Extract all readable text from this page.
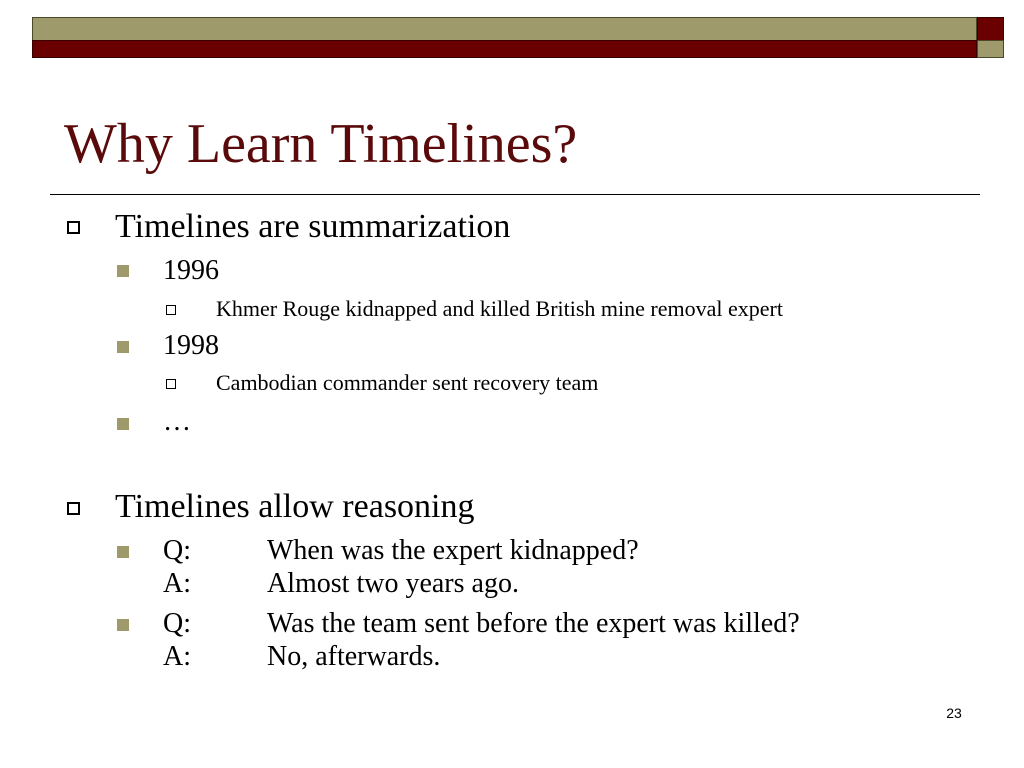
Why Learn Timelines?
Timelines are summarization
1996
Khmer Rouge kidnapped and killed British mine removal expert
1998
Cambodian commander sent recovery team
…
Timelines allow reasoning
Q:	When was the expert kidnapped?
A:	Almost two years ago.
Q:	Was the team sent before the expert was killed?
A:	No, afterwards.
23
